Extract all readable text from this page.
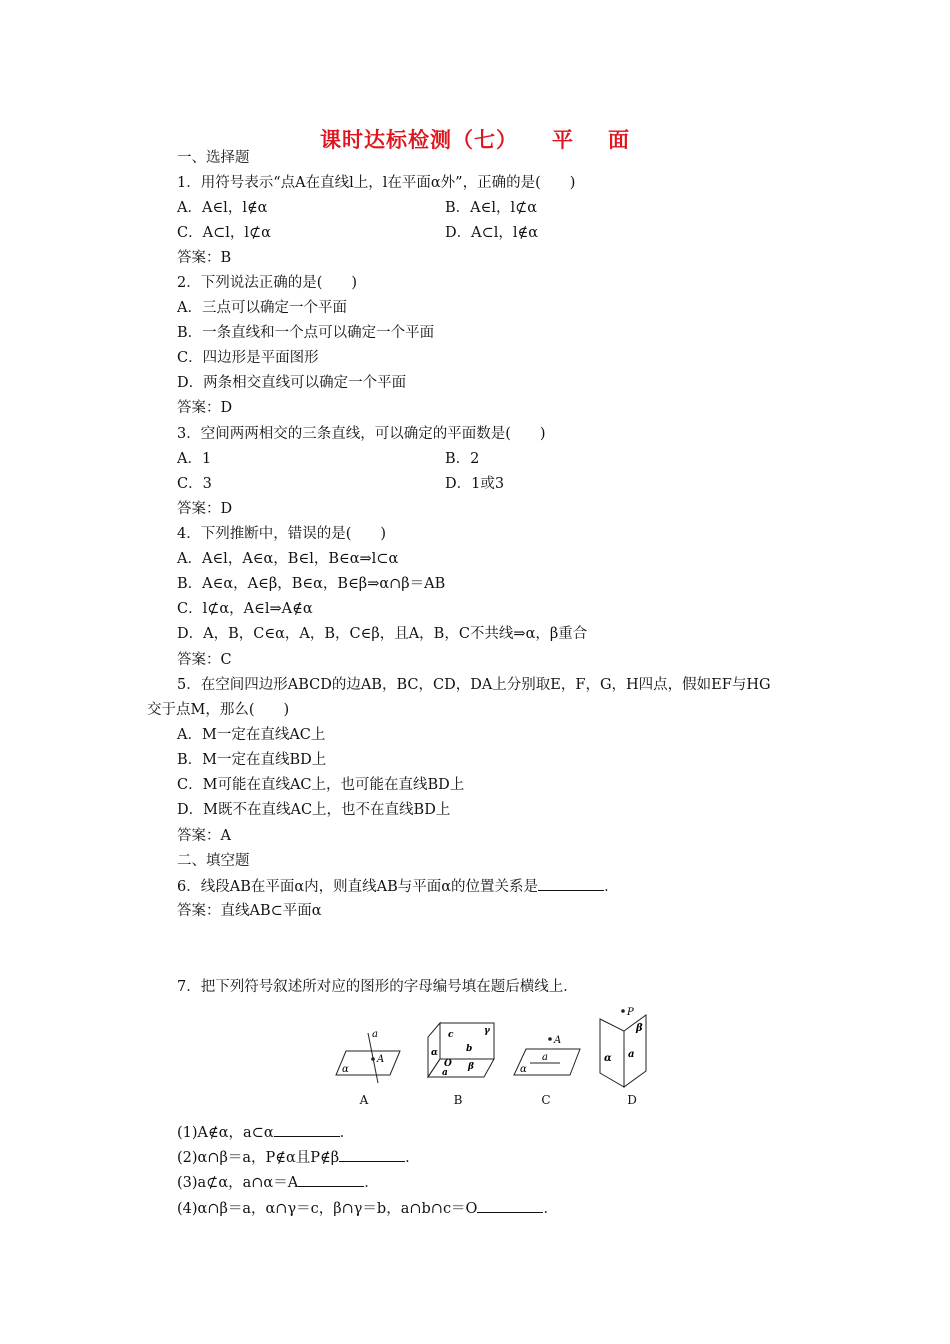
课时达标检测（七） 平 面
一、选择题
1．用符号表示“点A在直线l上，l在平面α外”，正确的是(　　)
A．A∈l，l∉α	B．A∈l，l⊄α
C．A⊂l，l⊄α	D．A⊂l，l∉α
答案：B
2．下列说法正确的是(　　)
A．三点可以确定一个平面
B．一条直线和一个点可以确定一个平面
C．四边形是平面图形
D．两条相交直线可以确定一个平面
答案：D
3．空间两两相交的三条直线，可以确定的平面数是(　　)
A．1	B．2
C．3	D．1或3
答案：D
4．下列推断中，错误的是(　　)
A．A∈l，A∈α，B∈l，B∈α⇒l⊂α
B．A∈α，A∈β，B∈α，B∈β⇒α∩β＝AB
C．l⊄α，A∈l⇒A∉α
D．A，B，C∈α，A，B，C∈β，且A，B，C不共线⇒α，β重合
答案：C
5．在空间四边形ABCD的边AB，BC，CD，DA上分别取E，F，G，H四点，假如EF与HG
交于点M，那么(　　)
A．M一定在直线AC上
B．M一定在直线BD上
C．M可能在直线AC上，也可能在直线BD上
D．M既不在直线AC上，也不在直线BD上
答案：A
二、填空题
6．线段AB在平面α内，则直线AB与平面α的位置关系是	．
答案：直线AB⊂平面α
7．把下列符号叙述所对应的图形的字母编号填在题后横线上．
a
A
α
A
c	γ
b
α
O β
a
B
A
a
α
C
P
β
a
α
D
(1)A∉α，a⊂α	．
(2)α∩β＝a，P∉α且P∉β	．
(3)a⊄α，a∩α＝A	．
(4)α∩β＝a，α∩γ＝c，β∩γ＝b，a∩b∩c＝O	．
